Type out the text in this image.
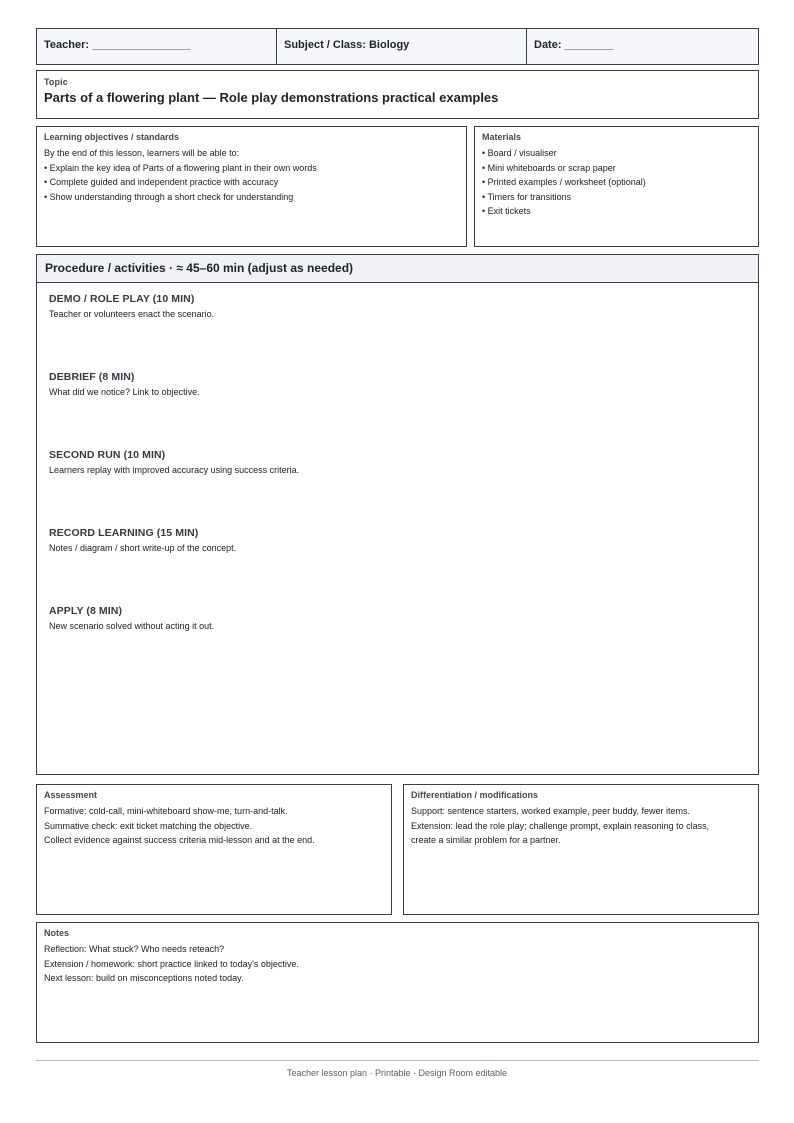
Teacher: ________________	Subject / Class: Biology	Date: ________
Topic
Parts of a flowering plant — Role play demonstrations practical examples
Learning objectives / standards
By the end of this lesson, learners will be able to:
• Explain the key idea of Parts of a flowering plant in their own words
• Complete guided and independent practice with accuracy
• Show understanding through a short check for understanding
Materials
• Board / visualiser
• Mini whiteboards or scrap paper
• Printed examples / worksheet (optional)
• Timers for transitions
• Exit tickets
Procedure / activities · ≈ 45–60 min (adjust as needed)
DEMO / ROLE PLAY (10 MIN)
Teacher or volunteers enact the scenario.
DEBRIEF (8 MIN)
What did we notice? Link to objective.
SECOND RUN (10 MIN)
Learners replay with improved accuracy using success criteria.
RECORD LEARNING (15 MIN)
Notes / diagram / short write-up of the concept.
APPLY (8 MIN)
New scenario solved without acting it out.
Assessment
Formative: cold-call, mini-whiteboard show-me, turn-and-talk.
Summative check: exit ticket matching the objective.
Collect evidence against success criteria mid-lesson and at the end.
Differentiation / modifications
Support: sentence starters, worked example, peer buddy, fewer items.
Extension: lead the role play; challenge prompt, explain reasoning to class,
create a similar problem for a partner.
Notes
Reflection: What stuck? Who needs reteach?
Extension / homework: short practice linked to today's objective.
Next lesson: build on misconceptions noted today.
Teacher lesson plan · Printable · Design Room editable
